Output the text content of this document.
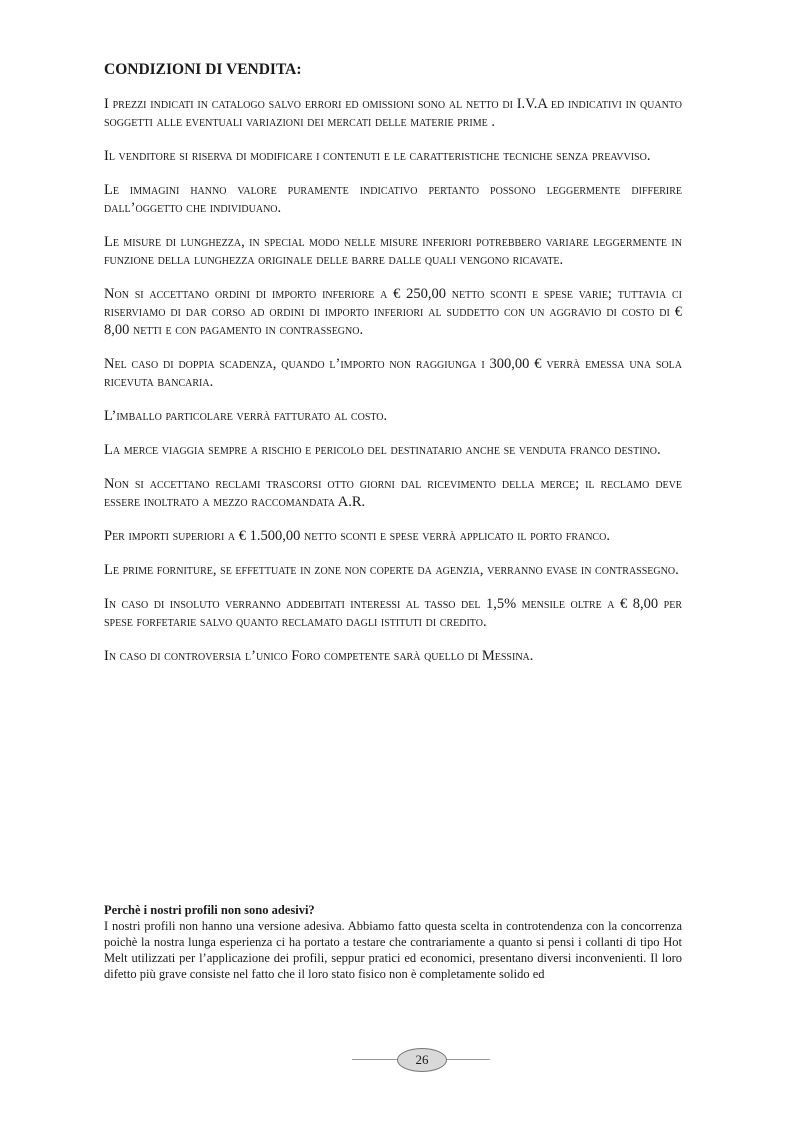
CONDIZIONI DI VENDITA:

I prezzi indicati in catalogo salvo errori ed omissioni sono al netto di I.V.A ed indicativi in quanto soggetti alle eventuali variazioni dei mercati delle materie prime .

Il venditore si riserva di modificare i contenuti e le caratteristiche tecniche senza preavviso.

Le immagini hanno valore puramente indicativo pertanto possono leggermente differire dall’oggetto che individuano.

Le misure di lunghezza, in special modo nelle misure inferiori potrebbero variare leggermente in funzione della lunghezza originale delle barre dalle quali vengono ricavate.

Non si accettano ordini di importo inferiore a € 250,00 netto sconti e spese varie; tuttavia ci riserviamo di dar corso ad ordini di importo inferiori al suddetto con un aggravio di costo di € 8,00 netti e con pagamento in contrassegno.

Nel caso di doppia scadenza, quando l’importo non raggiunga i 300,00 € verrà emessa una sola ricevuta bancaria.

L’imballo particolare verrà fatturato al costo.

La merce viaggia sempre a rischio e pericolo del destinatario anche se venduta franco destino.

Non si accettano reclami trascorsi otto giorni dal ricevimento della merce; il reclamo deve essere inoltrato a mezzo raccomandata A.R.

Per importi superiori a € 1.500,00 netto sconti e spese verrà applicato il porto franco.

Le prime forniture, se effettuate in zone non coperte da agenzia, verranno evase in contrassegno.

In caso di insoluto verranno addebitati interessi al tasso del 1,5% mensile oltre a € 8,00 per spese forfetarie salvo quanto reclamato dagli istituti di credito.

In caso di controversia l’unico Foro competente sarà quello di Messina.

Perchè i nostri profili non sono adesivi?
I nostri profili non hanno una versione adesiva. Abbiamo fatto questa scelta in controtendenza con la concorrenza poichè la nostra lunga esperienza ci ha portato a testare che contrariamente a quanto si pensi i collanti di tipo Hot Melt utilizzati per l’applicazione dei profili, seppur pratici ed economici, presentano diversi inconvenienti. Il loro difetto più grave consiste nel fatto che il loro stato fisico non è completamente solido ed
26
